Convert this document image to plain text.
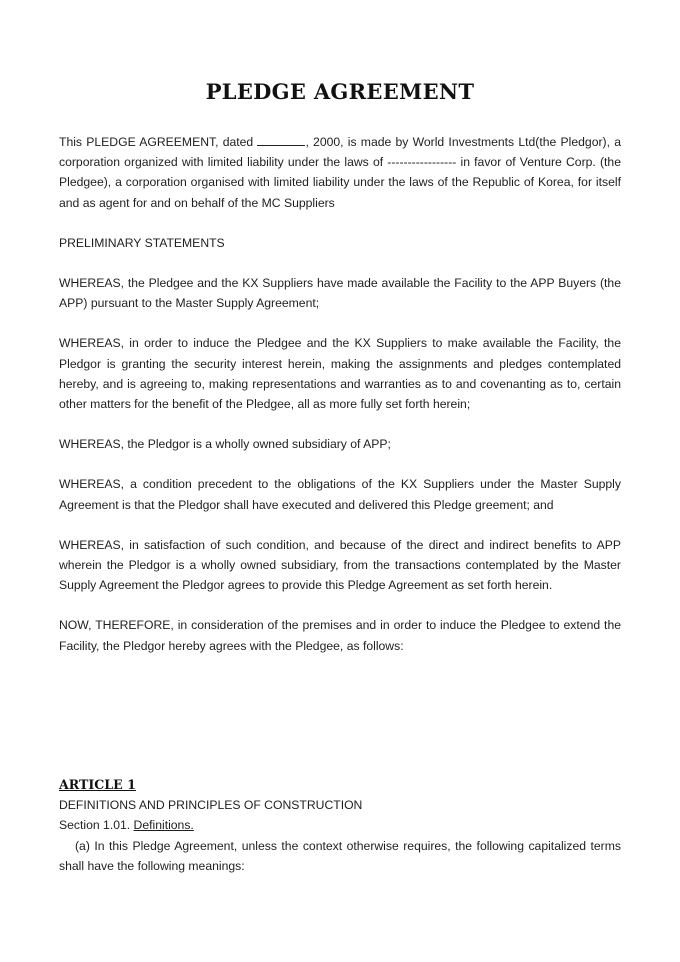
PLEDGE AGREEMENT

This PLEDGE AGREEMENT, dated	, 2000, is made by World Investments Ltd(the Pledgor), a corporation organized with limited liability under the laws of ----------------- in favor of Venture Corp. (the Pledgee), a corporation organised with limited liability under the laws of the Republic of Korea, for itself and as agent for and on behalf of the MC Suppliers

PRELIMINARY STATEMENTS

WHEREAS, the Pledgee and the KX Suppliers have made available the Facility to the APP Buyers (the APP) pursuant to the Master Supply Agreement;

WHEREAS, in order to induce the Pledgee and the KX Suppliers to make available the Facility, the Pledgor is granting the security interest herein, making the assignments and pledges contemplated hereby, and is agreeing to, making representations and warranties as to and covenanting as to, certain other matters for the benefit of the Pledgee, all as more fully set forth herein;

WHEREAS, the Pledgor is a wholly owned subsidiary of APP;

WHEREAS, a condition precedent to the obligations of the KX Suppliers under the Master Supply Agreement is that the Pledgor shall have executed and delivered this Pledge greement; and

WHEREAS, in satisfaction of such condition, and because of the direct and indirect benefits to APP wherein the Pledgor is a wholly owned subsidiary, from the transactions contemplated by the Master Supply Agreement the Pledgor agrees to provide this Pledge Agreement as set forth herein.

NOW, THEREFORE, in consideration of the premises and in order to induce the Pledgee to extend the Facility, the Pledgor hereby agrees with the Pledgee, as follows:

ARTICLE 1
DEFINITIONS AND PRINCIPLES OF CONSTRUCTION
Section 1.01. Definitions.
(a) In this Pledge Agreement, unless the context otherwise requires, the following capitalized terms shall have the following meanings:
